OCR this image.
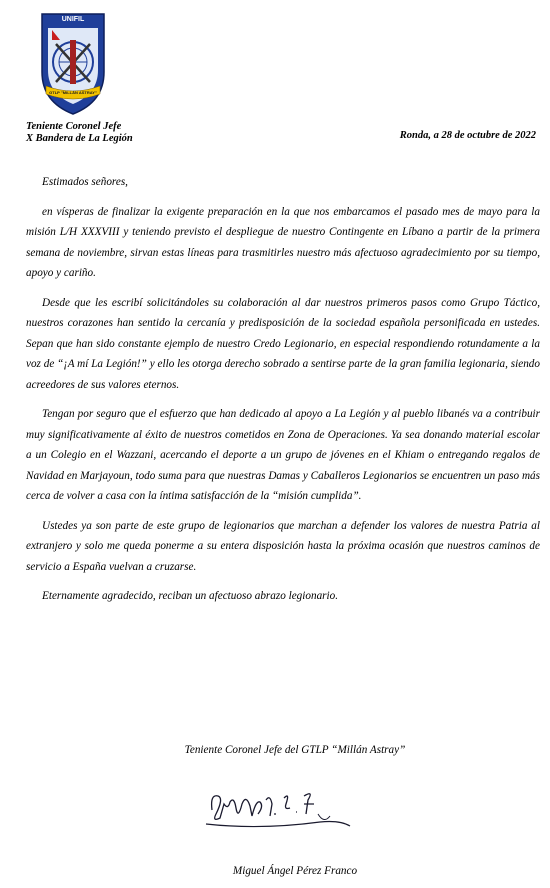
UNIFIL
GTLP "MILLÁN ASTRAY"
Teniente Coronel Jefe
X Bandera de La Legión	Ronda, a 28 de octubre de 2022

Estimados señores,

en vísperas de finalizar la exigente preparación en la que nos embarcamos el pasado mes de mayo para la misión L/H XXXVIII y teniendo previsto el despliegue de nuestro Contingente en Líbano a partir de la primera semana de noviembre, sirvan estas líneas para trasmitirles nuestro más afectuoso agradecimiento por su tiempo, apoyo y cariño.

Desde que les escribí solicitándoles su colaboración al dar nuestros primeros pasos como Grupo Táctico, nuestros corazones han sentido la cercanía y predisposición de la sociedad española personificada en ustedes. Sepan que han sido constante ejemplo de nuestro Credo Legionario, en especial respondiendo rotundamente a la voz de “¡A mí La Legión!” y ello les otorga derecho sobrado a sentirse parte de la gran familia legionaria, siendo acreedores de sus valores eternos.

Tengan por seguro que el esfuerzo que han dedicado al apoyo a La Legión y al pueblo libanés va a contribuir muy significativamente al éxito de nuestros cometidos en Zona de Operaciones. Ya sea donando material escolar a un Colegio en el Wazzani, acercando el deporte a un grupo de jóvenes en el Khiam o entregando regalos de Navidad en Marjayoun, todo suma para que nuestras Damas y Caballeros Legionarios se encuentren un paso más cerca de volver a casa con la íntima satisfacción de la “misión cumplida”.

Ustedes ya son parte de este grupo de legionarios que marchan a defender los valores de nuestra Patria al extranjero y solo me queda ponerme a su entera disposición hasta la próxima ocasión que nuestros caminos de servicio a España vuelvan a cruzarse.

Eternamente agradecido, reciban un afectuoso abrazo legionario.

Teniente Coronel Jefe del GTLP “Millán Astray”
Miguel Ángel Pérez Franco
